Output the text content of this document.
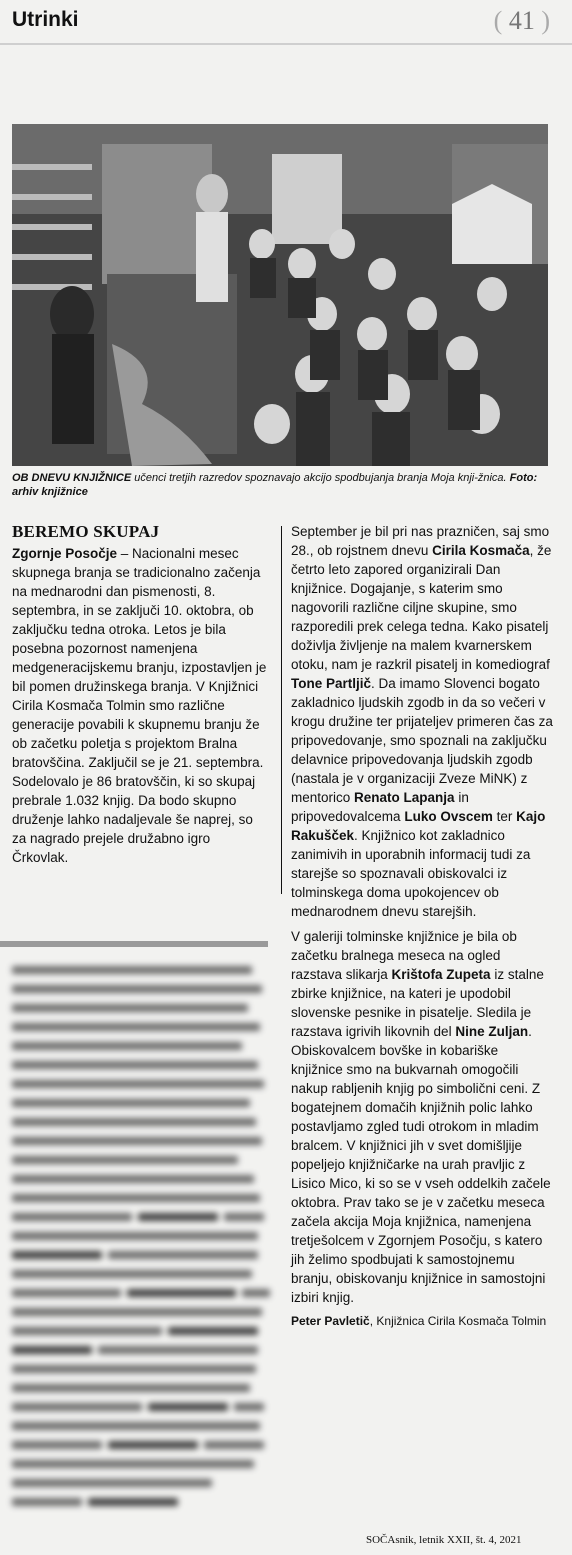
Utrinki	( 41 )
OB DNEVU KNJIŽNICE učenci tretjih razredov spoznavajo akcijo spodbujanja branja Moja knji-žnica. Foto: arhiv knjižnice
BEREMO SKUPAJ
Zgornje Posočje – Nacionalni mesec skupnega branja se tradicionalno začenja na mednarodni dan pismenosti, 8. septembra, in se zaključi 10. oktobra, ob zaključku tedna otroka. Letos je bila posebna pozornost namenjena medgeneracijskemu branju, izpostavljen je bil pomen družinskega branja. V Knjižnici Cirila Kosmača Tolmin smo različne generacije povabili k skupnemu branju že ob začetku poletja s projektom Bralna bratovščina. Zaključil se je 21. septembra. Sodelovalo je 86 bratovščin, ki so skupaj prebrale 1.032 knjig. Da bodo skupno druženje lahko nadaljevale še naprej, so za nagrado prejele družabno igro Črkovlak.

September je bil pri nas prazničen, saj smo 28., ob rojstnem dnevu Cirila Kosmača, že četrto leto zapored organizirali Dan knjižnice. Dogajanje, s katerim smo nagovorili različne ciljne skupine, smo razporedili prek celega tedna. Kako pisatelj doživlja življenje na malem kvarnerskem otoku, nam je razkril pisatelj in komediograf Tone Partljič. Da imamo Slovenci bogato zakladnico ljudskih zgodb in da so večeri v krogu družine ter prijateljev primeren čas za pripovedovanje, smo spoznali na zaključku delavnice pripovedovanja ljudskih zgodb (nastala je v organizaciji Zveze MiNK) z mentorico Renato Lapanja in pripovedovalcema Luko Ovscem ter Kajo Rakušček. Knjižnico kot zakladnico zanimivih in uporabnih informacij tudi za starejše so spoznavali obiskovalci iz tolminskega doma upokojencev ob mednarodnem dnevu starejših.

V galeriji tolminske knjižnice je bila ob začetku bralnega meseca na ogled razstava slikarja Krištofa Zupeta iz stalne zbirke knjižnice, na kateri je upodobil slovenske pesnike in pisatelje. Sledila je razstava igrivih likovnih del Nine Zuljan. Obiskovalcem bovške in kobariške knjižnice smo na bukvarnah omogočili nakup rabljenih knjig po simbolični ceni. Z bogatejnem domačih knjižnih polic lahko postavljamo zgled tudi otrokom in mladim bralcem. V knjižnici jih v svet domišljije popeljejo knjižničarke na urah pravljic z Lisico Mico, ki so se v vseh oddelkih začele oktobra. Prav tako se je v začetku meseca začela akcija Moja knjižnica, namenjena tretješolcem v Zgornjem Posočju, s katero jih želimo spodbujati k samostojnemu branju, obiskovanju knjižnice in samostojni izbiri knjig.

Peter Pavletič, Knjižnica Cirila Kosmača Tolmin
SOČAsnik, letnik XXII, št. 4, 2021
